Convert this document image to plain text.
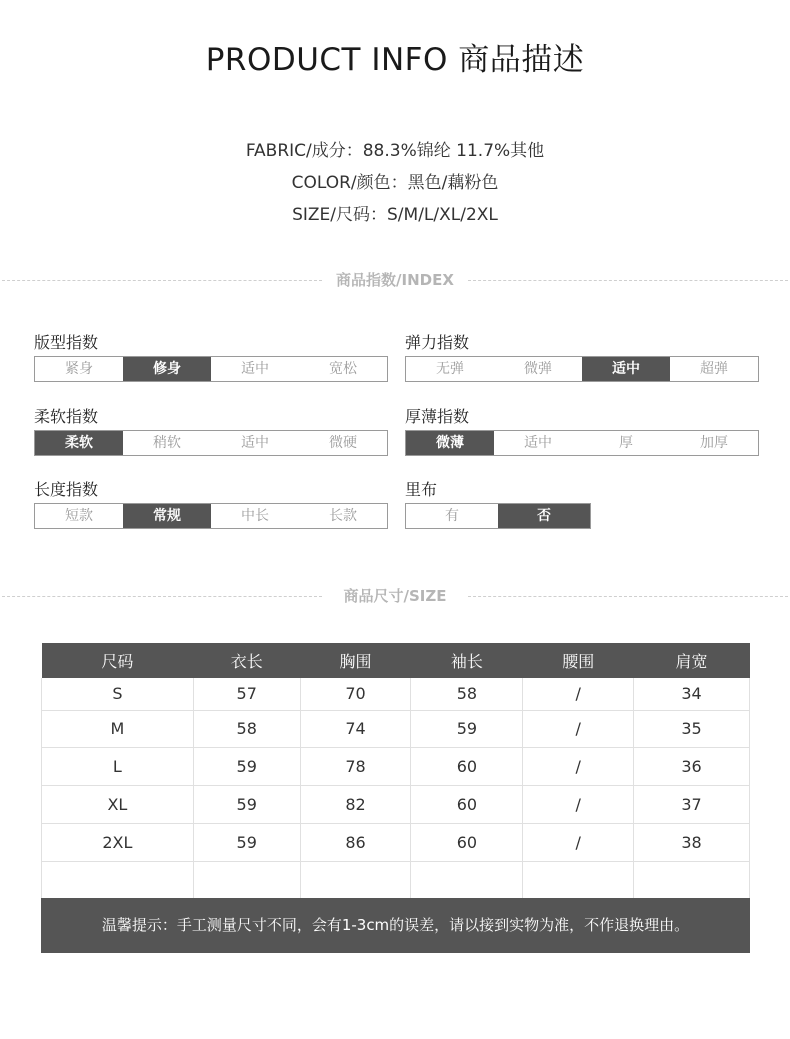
PRODUCT INFO 商品描述
FABRIC/成分：88.3%锦纶 11.7%其他
COLOR/颜色：黑色/藕粉色
SIZE/尺码：S/M/L/XL/2XL
商品指数/INDEX
版型指数
紧身	修身	适中	宽松
弹力指数
无弹	微弹	适中	超弹
柔软指数
柔软	稍软	适中	微硬
厚薄指数
微薄	适中	厚	加厚
长度指数
短款	常规	中长	长款
里布
有	否
商品尺寸/SIZE
尺码	衣长	胸围	袖长	腰围	肩宽
S	57	70	58	/	34
M	58	74	59	/	35
L	59	78	60	/	36
XL	59	82	60	/	37
2XL	59	86	60	/	38

温馨提示：手工测量尺寸不同，会有1-3cm的误差，请以接到实物为准，不作退换理由。
